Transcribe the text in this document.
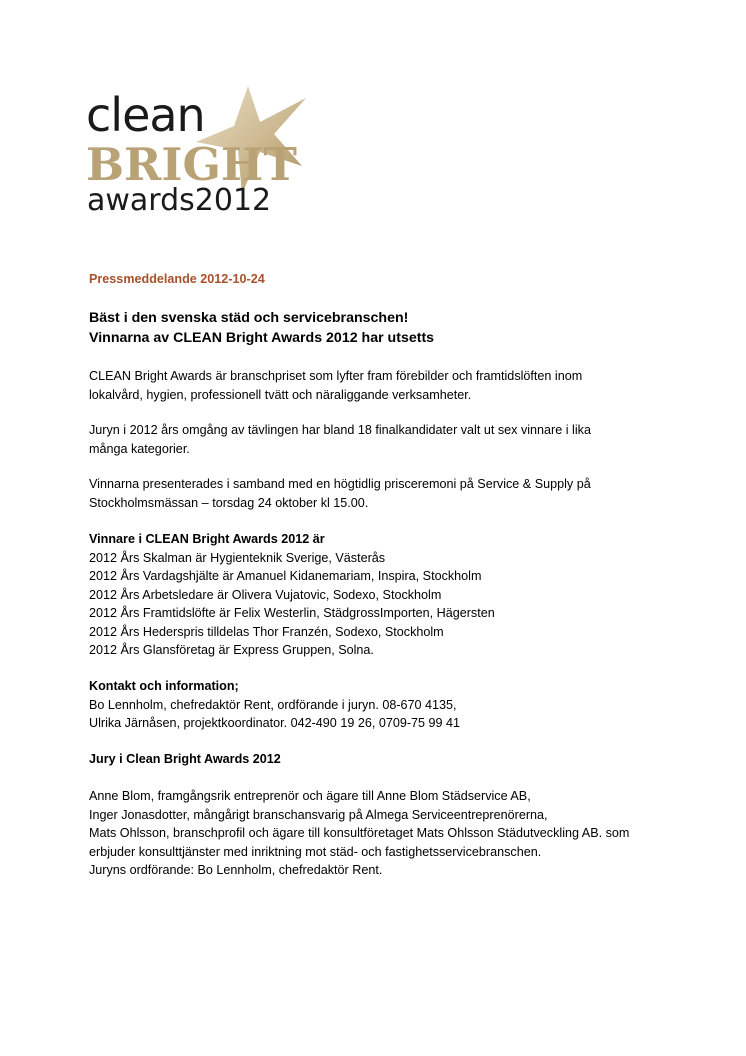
clean
BRIGHT
awards2012
Pressmeddelande 2012-10-24
Bäst i den svenska städ och servicebranschen!
Vinnarna av CLEAN Bright Awards 2012 har utsetts
CLEAN Bright Awards är branschpriset som lyfter fram förebilder och framtidslöften inom
lokalvård, hygien, professionell tvätt och näraliggande verksamheter.
Juryn i 2012 års omgång av tävlingen har bland 18 finalkandidater valt ut sex vinnare i lika
många kategorier.
Vinnarna presenterades i samband med en högtidlig prisceremoni på Service & Supply på
Stockholmsmässan – torsdag 24 oktober kl 15.00.
Vinnare i CLEAN Bright Awards 2012 är
2012 Års Skalman är Hygienteknik Sverige, Västerås
2012 Års Vardagshjälte är Amanuel Kidanemariam, Inspira, Stockholm
2012 Års Arbetsledare är Olivera Vujatovic, Sodexo, Stockholm
2012 Års Framtidslöfte är Felix Westerlin, StädgrossImporten, Hägersten
2012 Års Hederspris tilldelas Thor Franzén, Sodexo, Stockholm
2012 Års Glansföretag är Express Gruppen, Solna.
Kontakt och information;
Bo Lennholm, chefredaktör Rent, ordförande i juryn. 08-670 4135,
Ulrika Järnåsen, projektkoordinator. 042-490 19 26, 0709-75 99 41
Jury i Clean Bright Awards 2012
Anne Blom, framgångsrik entreprenör och ägare till Anne Blom Städservice AB,
Inger Jonasdotter, mångårigt branschansvarig på Almega Serviceentreprenörerna,
Mats Ohlsson, branschprofil och ägare till konsultföretaget Mats Ohlsson Städutveckling AB. som
erbjuder konsulttjänster med inriktning mot städ- och fastighetsservicebranschen.
Juryns ordförande: Bo Lennholm, chefredaktör Rent.
